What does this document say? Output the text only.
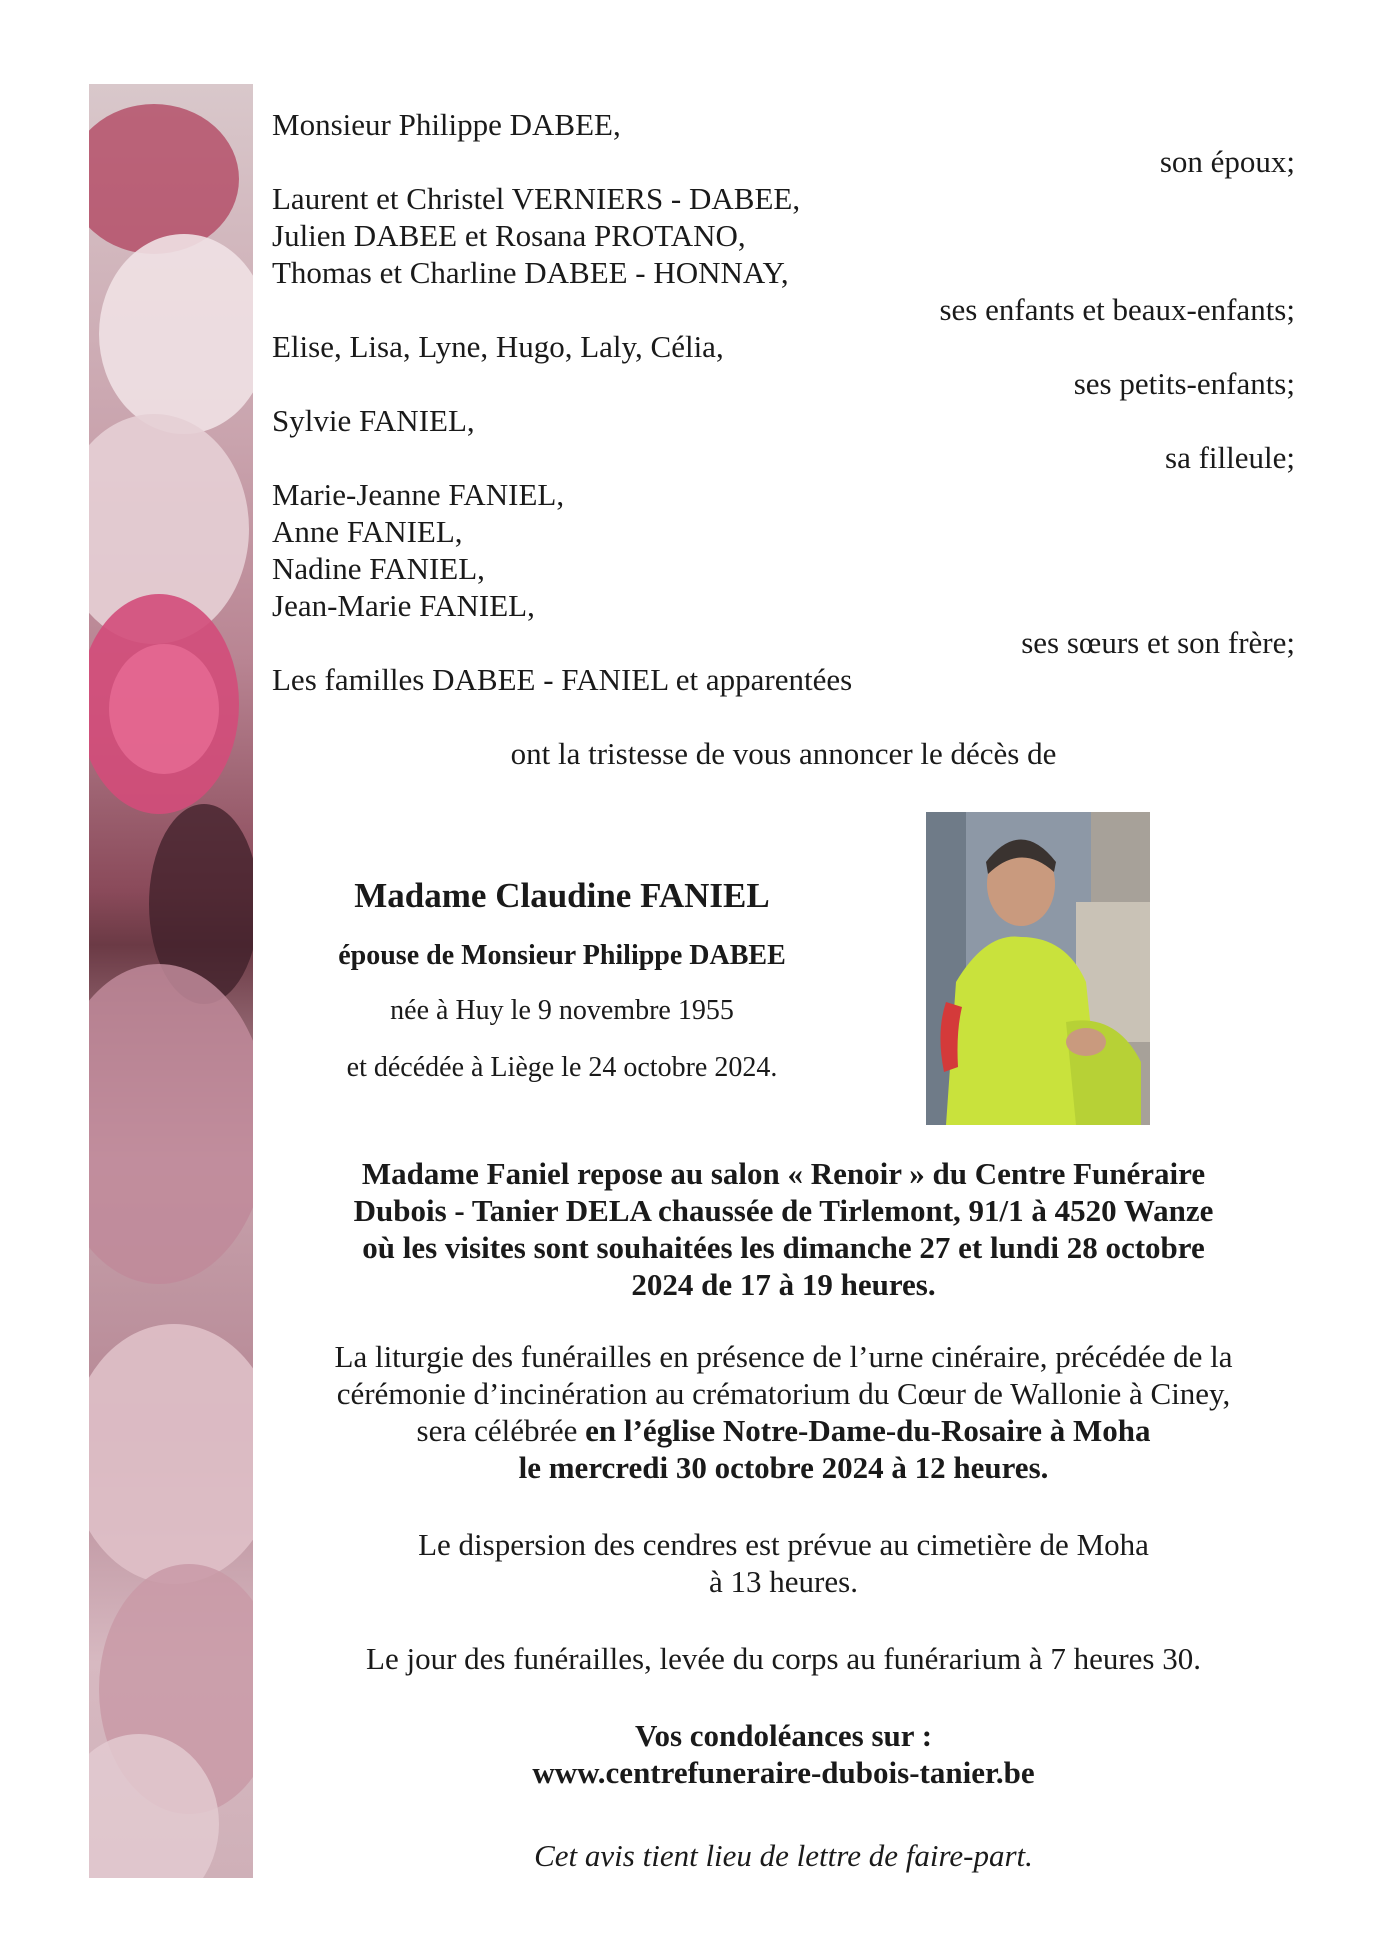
Monsieur Philippe DABEE,
son époux;
Laurent et Christel VERNIERS - DABEE,
Julien DABEE et Rosana PROTANO,
Thomas et Charline DABEE - HONNAY,
ses enfants et beaux-enfants;
Elise, Lisa, Lyne, Hugo, Laly, Célia,
ses petits-enfants;
Sylvie FANIEL,
sa filleule;
Marie-Jeanne FANIEL,
Anne FANIEL,
Nadine FANIEL,
Jean-Marie FANIEL,
ses sœurs et son frère;
Les familles DABEE - FANIEL et apparentées
ont la tristesse de vous annoncer le décès de
Madame Claudine FANIEL
épouse de Monsieur Philippe DABEE
née à Huy le 9 novembre 1955
et décédée à Liège le 24 octobre 2024.
Madame Faniel repose au salon « Renoir » du Centre Funéraire
Dubois - Tanier DELA chaussée de Tirlemont, 91/1 à 4520 Wanze
où les visites sont souhaitées les dimanche 27 et lundi 28 octobre
2024 de 17 à 19 heures.
La liturgie des funérailles en présence de l’urne cinéraire, précédée de la
cérémonie d’incinération au crématorium du Cœur de Wallonie à Ciney,
sera célébrée en l’église Notre-Dame-du-Rosaire à Moha
le mercredi 30 octobre 2024 à 12 heures.
Le dispersion des cendres est prévue au cimetière de Moha
à 13 heures.
Le jour des funérailles, levée du corps au funérarium à 7 heures 30.
Vos condoléances sur :
www.centrefuneraire-dubois-tanier.be
Cet avis tient lieu de lettre de faire-part.
